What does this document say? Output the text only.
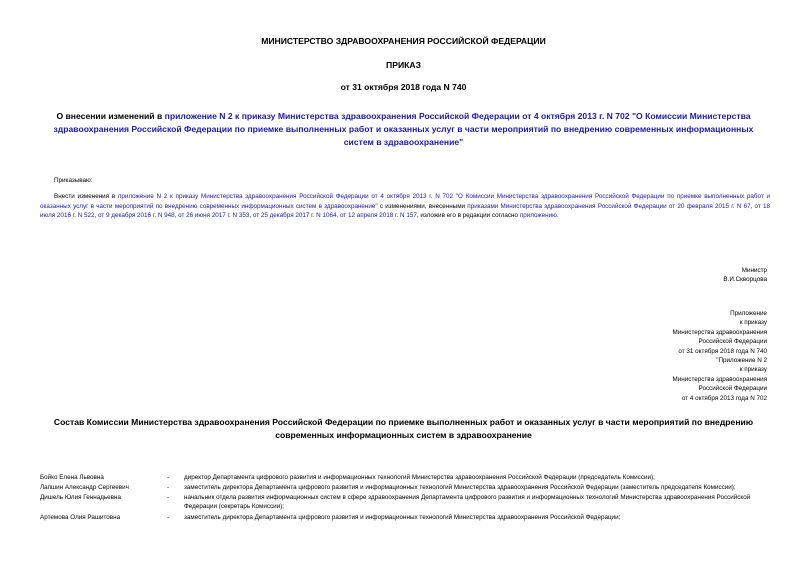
МИНИСТЕРСТВО ЗДРАВООХРАНЕНИЯ РОССИЙСКОЙ ФЕДЕРАЦИИ
ПРИКАЗ
от 31 октября 2018 года N 740
О внесении изменений в приложение N 2 к приказу Министерства здравоохранения Российской Федерации от 4 октября 2013 г. N 702 "О Комиссии Министерства здравоохранения Российской Федерации по приемке выполненных работ и оказанных услуг в части мероприятий по внедрению современных информационных систем в здравоохранение"
Приказываю:
Внести изменения в приложение N 2 к приказу Министерства здравоохранения Российской Федерации от 4 октября 2013 г. N 702 "О Комиссии Министерства здравоохранения Российской Федерации по приемке выполненных работ и оказанных услуг в части мероприятий по внедрению современных информационных систем в здравоохранение" с изменениями, внесенными приказами Министерства здравоохранения Российской Федерации от 20 февраля 2015 г. N 67, от 18 июля 2016 г. N 522, от 9 декабря 2016 г. N 948, от 26 июня 2017 г. N 353, от 25 декабря 2017 г. N 1064, от 12 апреля 2018 г. N 157, изложив его в редакции согласно приложению.
Министр
В.И.Скворцова
Приложение
к приказу
Министерства здравоохранения
Российской Федерации
от 31 октября 2018 года N 740
"Приложение N 2
к приказу
Министерства здравоохранения
Российской Федерации
от 4 октября 2013 года N 702
Состав Комиссии Министерства здравоохранения Российской Федерации по приемке выполненных работ и оказанных услуг в части мероприятий по внедрению современных информационных систем в здравоохранение
Бойко Елена Львовна	-	директор Департамента цифрового развития и информационных технологий Министерства здравоохранения Российской Федерации (председатель Комиссии);
Лапшин Александр Сергеевич	-	заместитель директора Департамента цифрового развития и информационных технологий Министерства здравоохранения Российской Федерации (заместитель председателя Комиссии);
Дишель Юлия Геннадьевна	-	начальник отдела развития информационных систем в сфере здравоохранения Департамента цифрового развития и информационных технологий Министерства здравоохранения Российской Федерации (секретарь Комиссии);
Артемова Олия Рашитовна	-	заместитель директора Департамента цифрового развития и информационных технологий Министерства здравоохранения Российской Федерации;
